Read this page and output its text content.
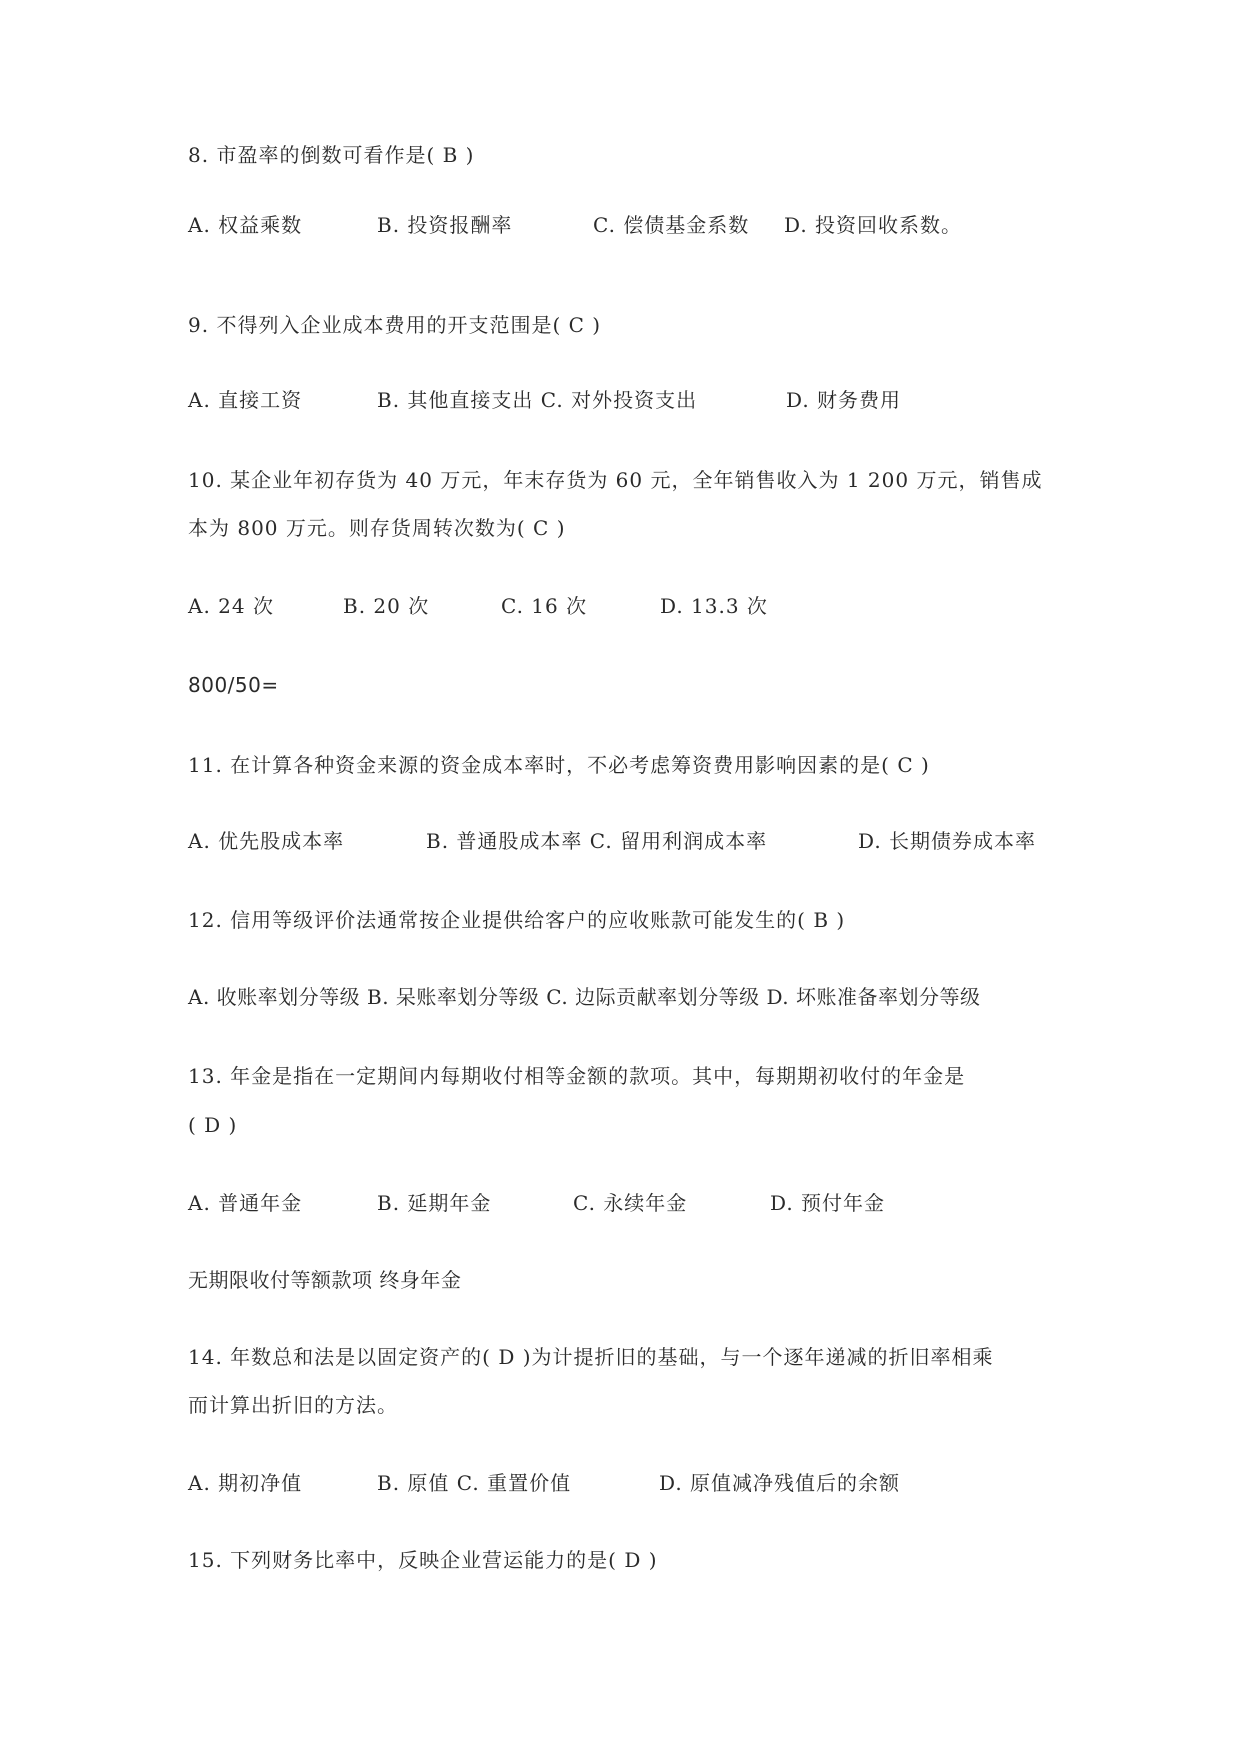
8. 市盈率的倒数可看作是( B )
A. 权益乘数	B. 投资报酬率	C. 偿债基金系数 D. 投资回收系数。
9. 不得列入企业成本费用的开支范围是( C )
A. 直接工资	B. 其他直接支出 C. 对外投资支出	D. 财务费用
10. 某企业年初存货为 40 万元，年末存货为 60 元，全年销售收入为 1 200 万元，销售成
本为 800 万元。则存货周转次数为( C )
A. 24 次	B. 20 次	C. 16 次	D. 13.3 次
800/50=
11. 在计算各种资金来源的资金成本率时，不必考虑筹资费用影响因素的是( C )
A. 优先股成本率	B. 普通股成本率 C. 留用利润成本率	D. 长期债券成本率
12. 信用等级评价法通常按企业提供给客户的应收账款可能发生的( B )
A. 收账率划分等级 B. 呆账率划分等级 C. 边际贡献率划分等级 D. 坏账准备率划分等级
13. 年金是指在一定期间内每期收付相等金额的款项。其中，每期期初收付的年金是
( D )
A. 普通年金	B. 延期年金	C. 永续年金	D. 预付年金
无期限收付等额款项 终身年金
14. 年数总和法是以固定资产的( D )为计提折旧的基础，与一个逐年递减的折旧率相乘
而计算出折旧的方法。
A. 期初净值	B. 原值 C. 重置价值	D. 原值减净残值后的余额
15. 下列财务比率中，反映企业营运能力的是( D )
